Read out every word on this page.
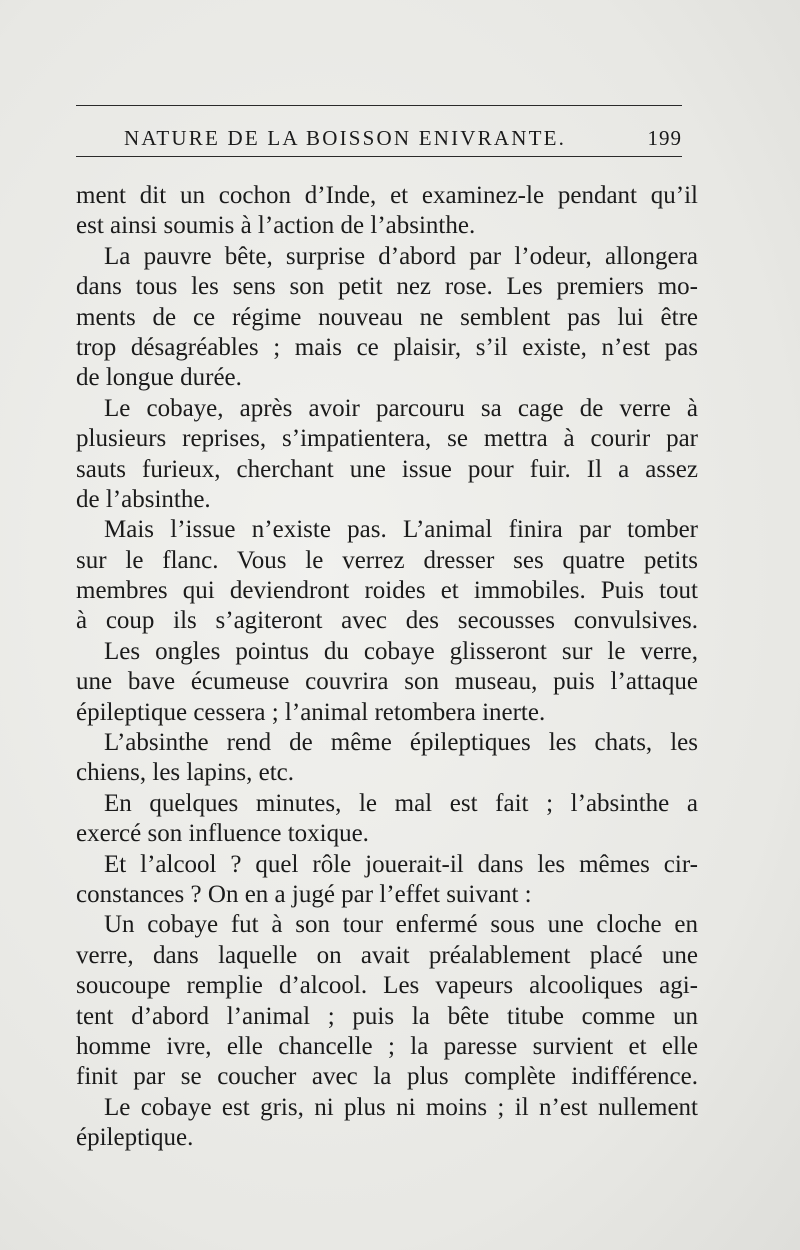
NATURE DE LA BOISSON ENIVRANTE.	199
ment dit un cochon d’Inde, et examinez-le pendant qu’il
est ainsi soumis à l’action de l’absinthe.
La pauvre bête, surprise d’abord par l’odeur, allongera
dans tous les sens son petit nez rose. Les premiers mo-
ments de ce régime nouveau ne semblent pas lui être
trop désagréables ; mais ce plaisir, s’il existe, n’est pas
de longue durée.
Le cobaye, après avoir parcouru sa cage de verre à
plusieurs reprises, s’impatientera, se mettra à courir par
sauts furieux, cherchant une issue pour fuir. Il a assez
de l’absinthe.
Mais l’issue n’existe pas. L’animal finira par tomber
sur le flanc. Vous le verrez dresser ses quatre petits
membres qui deviendront roides et immobiles. Puis tout
à coup ils s’agiteront avec des secousses convulsives.
Les ongles pointus du cobaye glisseront sur le verre,
une bave écumeuse couvrira son museau, puis l’attaque
épileptique cessera ; l’animal retombera inerte.
L’absinthe rend de même épileptiques les chats, les
chiens, les lapins, etc.
En quelques minutes, le mal est fait ; l’absinthe a
exercé son influence toxique.
Et l’alcool ? quel rôle jouerait-il dans les mêmes cir-
constances ? On en a jugé par l’effet suivant :
Un cobaye fut à son tour enfermé sous une cloche en
verre, dans laquelle on avait préalablement placé une
soucoupe remplie d’alcool. Les vapeurs alcooliques agi-
tent d’abord l’animal ; puis la bête titube comme un
homme ivre, elle chancelle ; la paresse survient et elle
finit par se coucher avec la plus complète indifférence.
Le cobaye est gris, ni plus ni moins ; il n’est nullement
épileptique.
